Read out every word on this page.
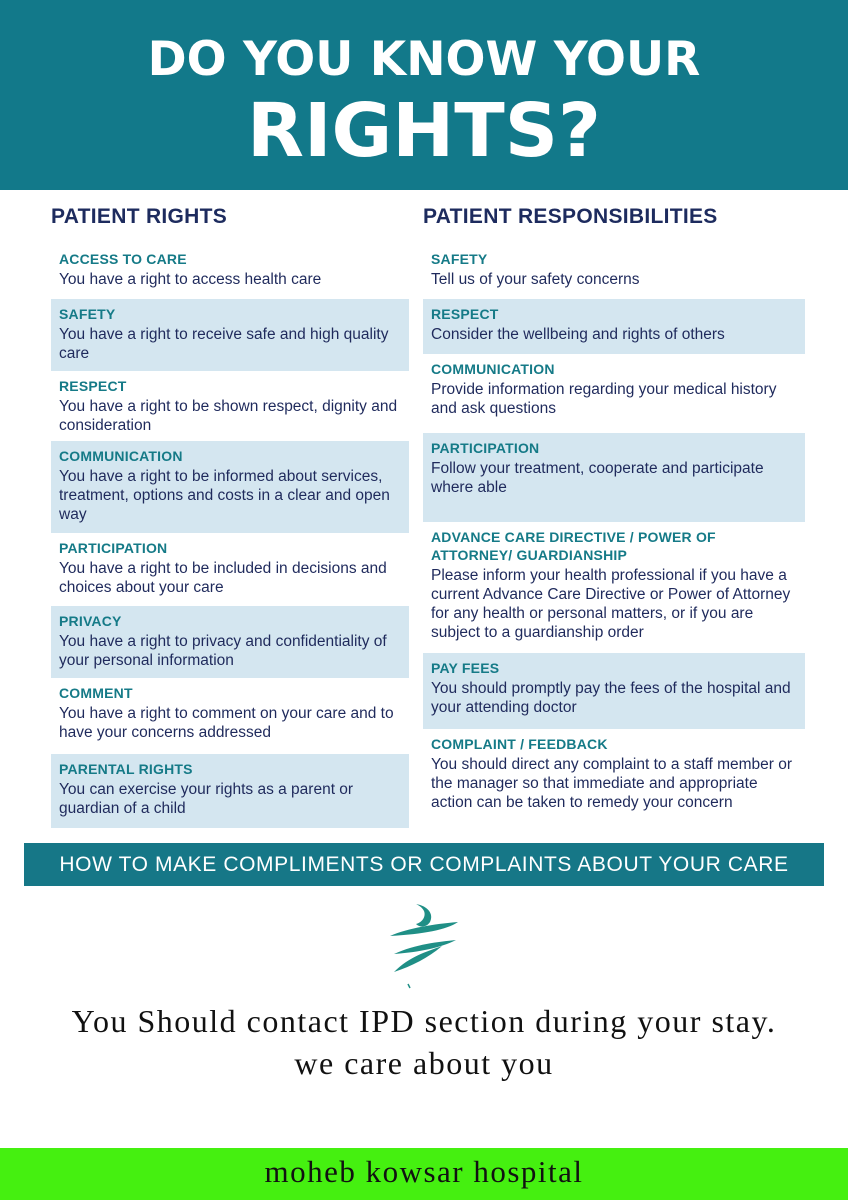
DO YOU KNOW YOUR
RIGHTS?
PATIENT RIGHTS
ACCESS TO CARE
You have a right to access health care
SAFETY
You have a right to receive safe and high quality care
RESPECT
You have a right to be shown respect, dignity and consideration
COMMUNICATION
You have a right to be informed about services, treatment, options and costs in a clear and open way
PARTICIPATION
You have a right to be included in decisions and choices about your care
PRIVACY
You have a right to privacy and confidentiality of your personal information
COMMENT
You have a right to comment on your care and to have your concerns addressed
PARENTAL RIGHTS
You can exercise your rights as a parent or guardian of a child
PATIENT RESPONSIBILITIES
SAFETY
Tell us of your safety concerns
RESPECT
Consider the wellbeing and rights of others
COMMUNICATION
Provide information regarding your medical history and ask questions
PARTICIPATION
Follow your treatment, cooperate and participate where able
ADVANCE CARE DIRECTIVE / POWER OF ATTORNEY/ GUARDIANSHIP
Please inform your health professional if you have a current Advance Care Directive or Power of Attorney for any health or personal matters, or if you are subject to a guardianship order
PAY FEES
You should promptly pay the fees of the hospital and your attending doctor
COMPLAINT / FEEDBACK
You should direct any complaint to a staff member or the manager so that immediate and appropriate action can be taken to remedy your concern
HOW TO MAKE COMPLIMENTS OR COMPLAINTS ABOUT YOUR CARE
You Should contact IPD section during your stay.
we care about you
moheb kowsar hospital
